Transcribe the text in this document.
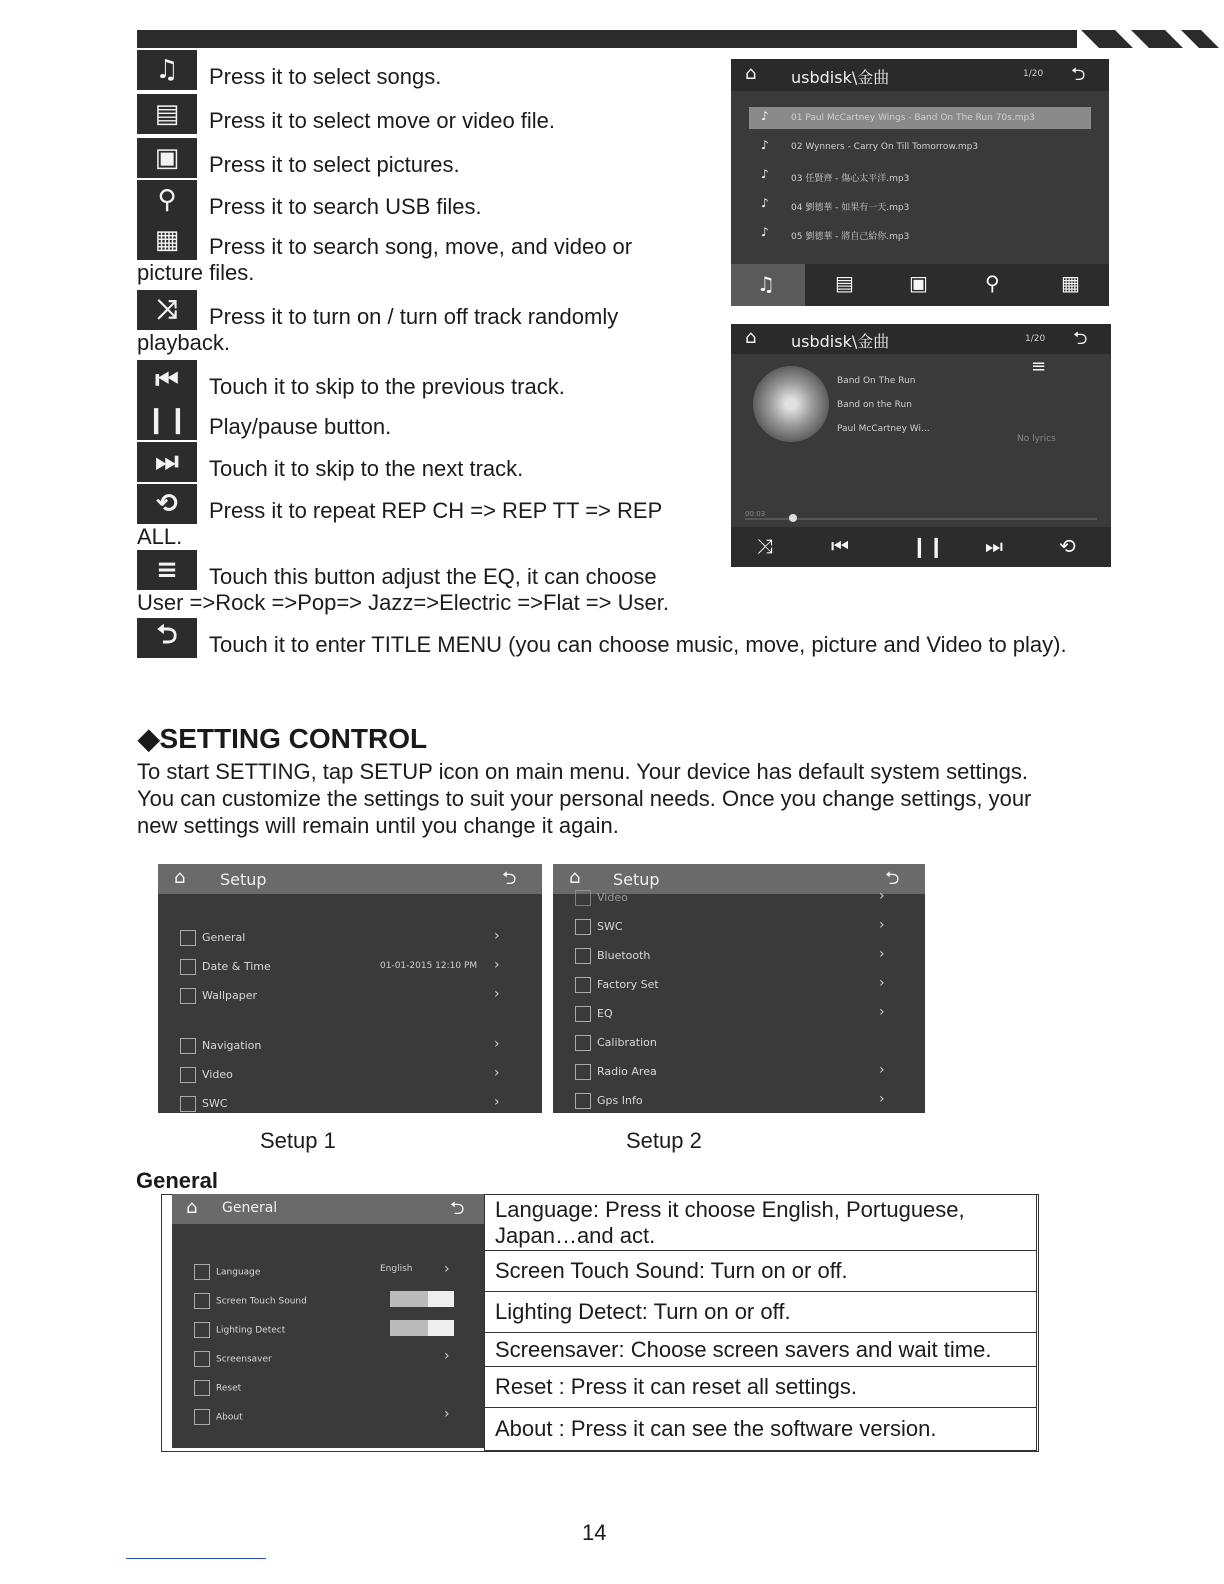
♫	Press it to select songs.
▤	Press it to select move or video file.
▣	Press it to select pictures.
⚲	Press it to search USB files.
▦	Press it to search song, move, and video or
picture files.
⤨	Press it to turn on / turn off track randomly
playback.
⏮	Touch it to skip to the previous track.
❙❙ Play/pause button.
⏭	Touch it to skip to the next track.
⟲	Press it to repeat REP CH => REP TT => REP
ALL.
≡	Touch this button adjust the EQ, it can choose
User =>Rock =>Pop=> Jazz=>Electric =>Flat => User.
⮌	Touch it to enter TITLE MENU (you can choose music, move, picture and Video to play).
⌂ usbdisk\金曲	1/20 ⮌
♪ 01 Paul McCartney Wings - Band On The Run 70s.mp3
♪ 02 Wynners - Carry On Till Tomorrow.mp3
♪ 03 任賢齊 - 傷心太平洋.mp3
♪ 04 劉德華 - 如果有一天.mp3
♪ 05 劉德華 - 將自己給你.mp3
♫	▤	▣	⚲	▦
⌂ usbdisk\金曲	1/20 ⮌
≡
Band On The Run
Band on the Run
Paul McCartney Wi...
No lyrics
00:03
⤨	⏮	❙❙ ⏭	⟲
◆SETTING CONTROL
To start SETTING, tap SETUP icon on main menu. Your device has default system settings.
You can customize the settings to suit your personal needs. Once you change settings, your
new settings will remain until you change it again.
⌂ Setup	⮌
General	›
Date & Time	01-01-2015 12:10 PM ›
Wallpaper	›
Navigation	›
Video	›
SWC	›
Setup 1
⌂ Setup	⮌
Video	›
SWC	›
Bluetooth	›
Factory Set	›
EQ	›
Calibration
Radio Area	›
Gps Info	›
Setup 2
General
⌂ General	⮌
Language	›
Screen Touch Sound
Lighting Detect
Screensaver	›
Reset
About	›
English
Language: Press it choose English, Portuguese,
Japan…and act.
Screen Touch Sound: Turn on or off.
Lighting Detect: Turn on or off.
Screensaver: Choose screen savers and wait time.
Reset : Press it can reset all settings.
About : Press it can see the software version.
14
